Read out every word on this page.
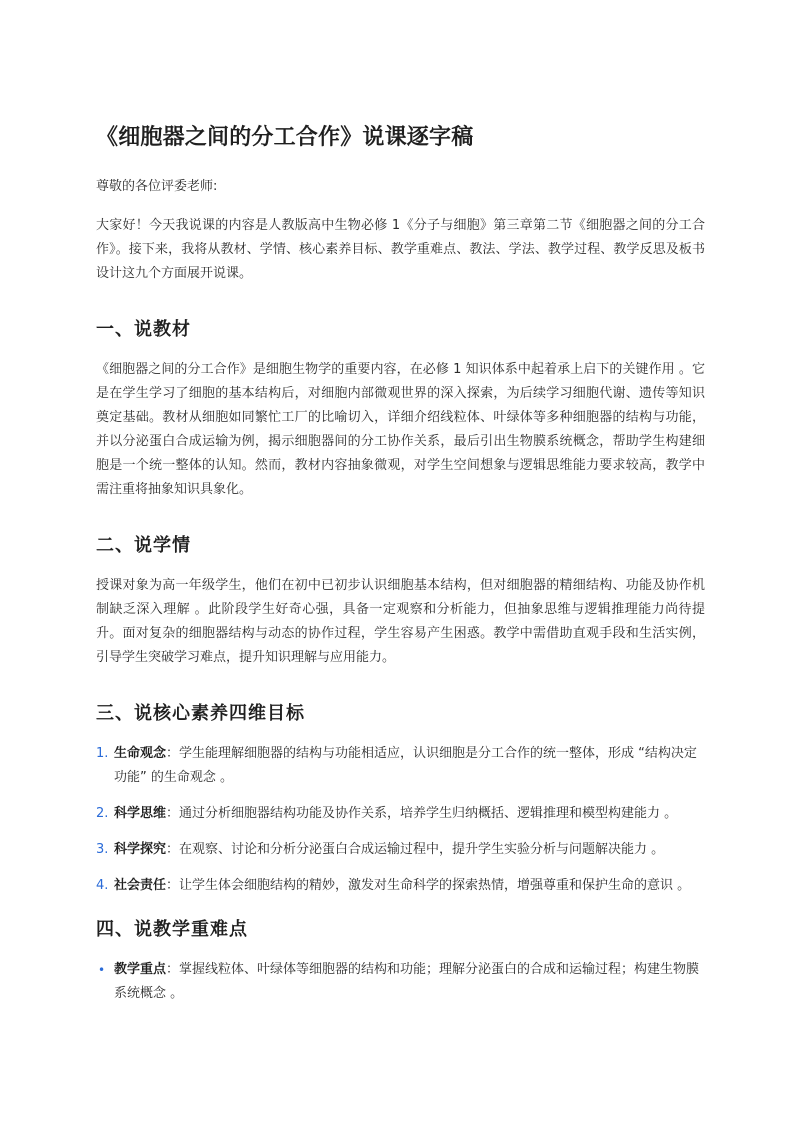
《细胞器之间的分工合作》说课逐字稿

尊敬的各位评委老师:

大家好！今天我说课的内容是人教版高中生物必修 1《分子与细胞》第三章第二节《细胞器之间的分工合作》。接下来，我将从教材、学情、核心素养目标、教学重难点、教法、学法、教学过程、教学反思及板书设计这九个方面展开说课。

一、说教材

《细胞器之间的分工合作》是细胞生物学的重要内容，在必修 1 知识体系中起着承上启下的关键作用 。它是在学生学习了细胞的基本结构后，对细胞内部微观世界的深入探索，为后续学习细胞代谢、遗传等知识奠定基础。教材从细胞如同繁忙工厂的比喻切入，详细介绍线粒体、叶绿体等多种细胞器的结构与功能，并以分泌蛋白合成运输为例，揭示细胞器间的分工协作关系，最后引出生物膜系统概念，帮助学生构建细胞是一个统一整体的认知。然而，教材内容抽象微观，对学生空间想象与逻辑思维能力要求较高，教学中需注重将抽象知识具象化。

二、说学情

授课对象为高一年级学生，他们在初中已初步认识细胞基本结构，但对细胞器的精细结构、功能及协作机制缺乏深入理解 。此阶段学生好奇心强，具备一定观察和分析能力，但抽象思维与逻辑推理能力尚待提升。面对复杂的细胞器结构与动态的协作过程，学生容易产生困惑。教学中需借助直观手段和生活实例，引导学生突破学习难点，提升知识理解与应用能力。

三、说核心素养四维目标
1. 生命观念：学生能理解细胞器的结构与功能相适应，认识细胞是分工合作的统一整体，形成 “结构决定功能” 的生命观念 。
2. 科学思维：通过分析细胞器结构功能及协作关系，培养学生归纳概括、逻辑推理和模型构建能力 。
3. 科学探究：在观察、讨论和分析分泌蛋白合成运输过程中，提升学生实验分析与问题解决能力 。
4. 社会责任：让学生体会细胞结构的精妙，激发对生命科学的探索热情，增强尊重和保护生命的意识 。
四、说教学重难点
• 教学重点：掌握线粒体、叶绿体等细胞器的结构和功能；理解分泌蛋白的合成和运输过程；构建生物膜系统概念 。
